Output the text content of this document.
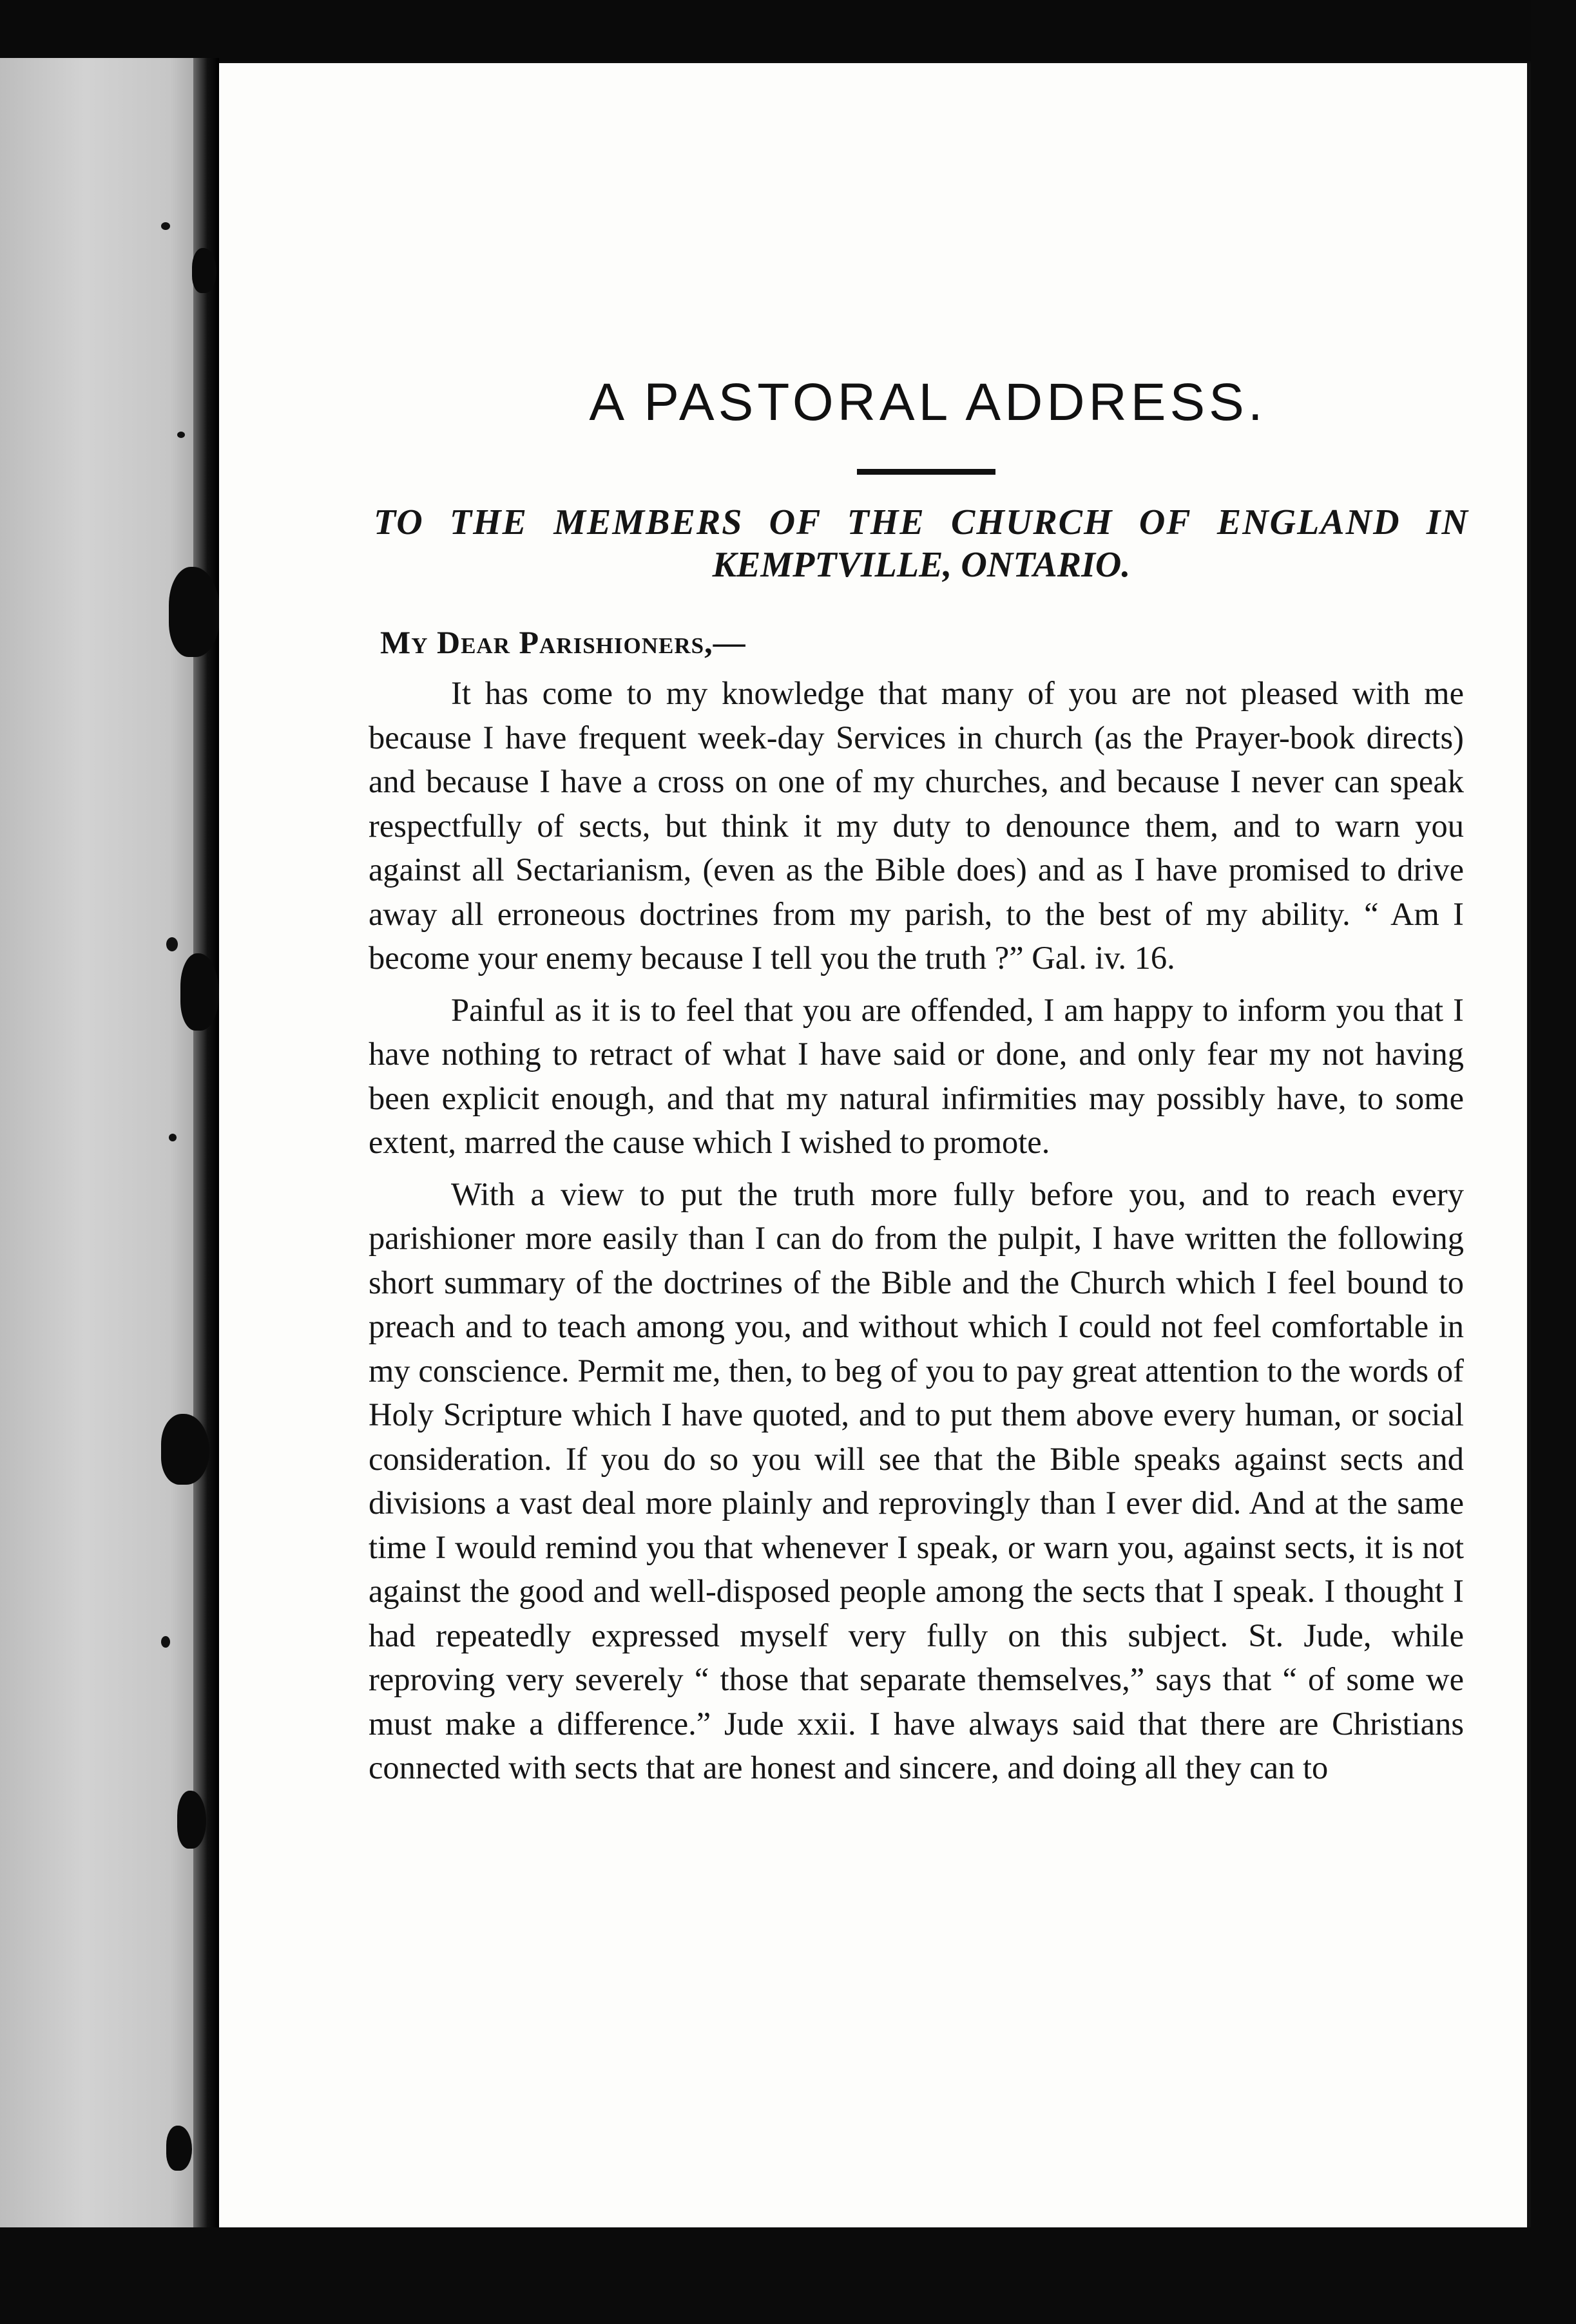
A PASTORAL ADDRESS.
TO THE MEMBERS OF THE CHURCH OF ENGLAND IN
KEMPTVILLE, ONTARIO.
My Dear Parishioners,—

It has come to my knowledge that many of you are not pleased with me because I have frequent week-day Services in church (as the Prayer-book directs) and because I have a cross on one of my churches, and because I never can speak respectfully of sects, but think it my duty to denounce them, and to warn you against all Sectarianism, (even as the Bible does) and as I have promised to drive away all erroneous doctrines from my parish, to the best of my ability. “ Am I become your enemy because I tell you the truth ?” Gal. iv. 16.

Painful as it is to feel that you are offended, I am happy to inform you that I have nothing to retract of what I have said or done, and only fear my not having been explicit enough, and that my natural infirmities may possibly have, to some extent, marred the cause which I wished to promote.

With a view to put the truth more fully before you, and to reach every parishioner more easily than I can do from the pulpit, I have written the following short summary of the doctrines of the Bible and the Church which I feel bound to preach and to teach among you, and without which I could not feel comfortable in my conscience. Permit me, then, to beg of you to pay great attention to the words of Holy Scripture which I have quoted, and to put them above every human, or social consideration. If you do so you will see that the Bible speaks against sects and divisions a vast deal more plainly and reprovingly than I ever did. And at the same time I would remind you that whenever I speak, or warn you, against sects, it is not against the good and well-disposed people among the sects that I speak. I thought I had repeatedly expressed myself very fully on this subject. St. Jude, while reproving very severely “ those that separate themselves,” says that “ of some we must make a difference.” Jude xxii. I have always said that there are Christians connected with sects that are honest and sincere, and doing all they can to
